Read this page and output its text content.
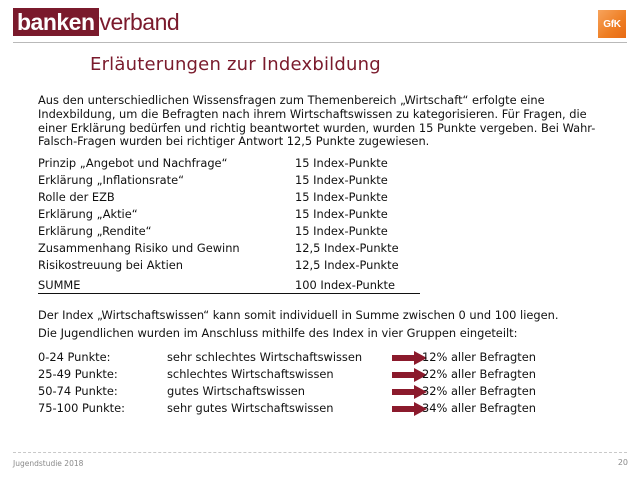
banken verband	GfK
Erläuterungen zur Indexbildung
Aus den unterschiedlichen Wissensfragen zum Themenbereich „Wirtschaft“ erfolgte eine Indexbildung, um die Befragten nach ihrem Wirtschaftswissen zu kategorisieren. Für Fragen, die einer Erklärung bedürfen und richtig beantwortet wurden, wurden 15 Punkte vergeben. Bei Wahr-Falsch-Fragen wurden bei richtiger Antwort 12,5 Punkte zugewiesen.
Prinzip „Angebot und Nachfrage“	15 Index-Punkte
Erklärung „Inflationsrate“	15 Index-Punkte
Rolle der EZB	15 Index-Punkte
Erklärung „Aktie“	15 Index-Punkte
Erklärung „Rendite“	15 Index-Punkte
Zusammenhang Risiko und Gewinn	12,5 Index-Punkte
Risikostreuung bei Aktien	12,5 Index-Punkte
SUMME	100 Index-Punkte
Der Index „Wirtschaftswissen“ kann somit individuell in Summe zwischen 0 und 100 liegen.
Die Jugendlichen wurden im Anschluss mithilfe des Index in vier Gruppen eingeteilt:
0-24 Punkte:	sehr schlechtes Wirtschaftswissen	12% aller Befragten
25-49 Punkte:	schlechtes Wirtschaftswissen	22% aller Befragten
50-74 Punkte:	gutes Wirtschaftswissen	32% aller Befragten
75-100 Punkte:	sehr gutes Wirtschaftswissen	34% aller Befragten
Jugendstudie 2018	20
